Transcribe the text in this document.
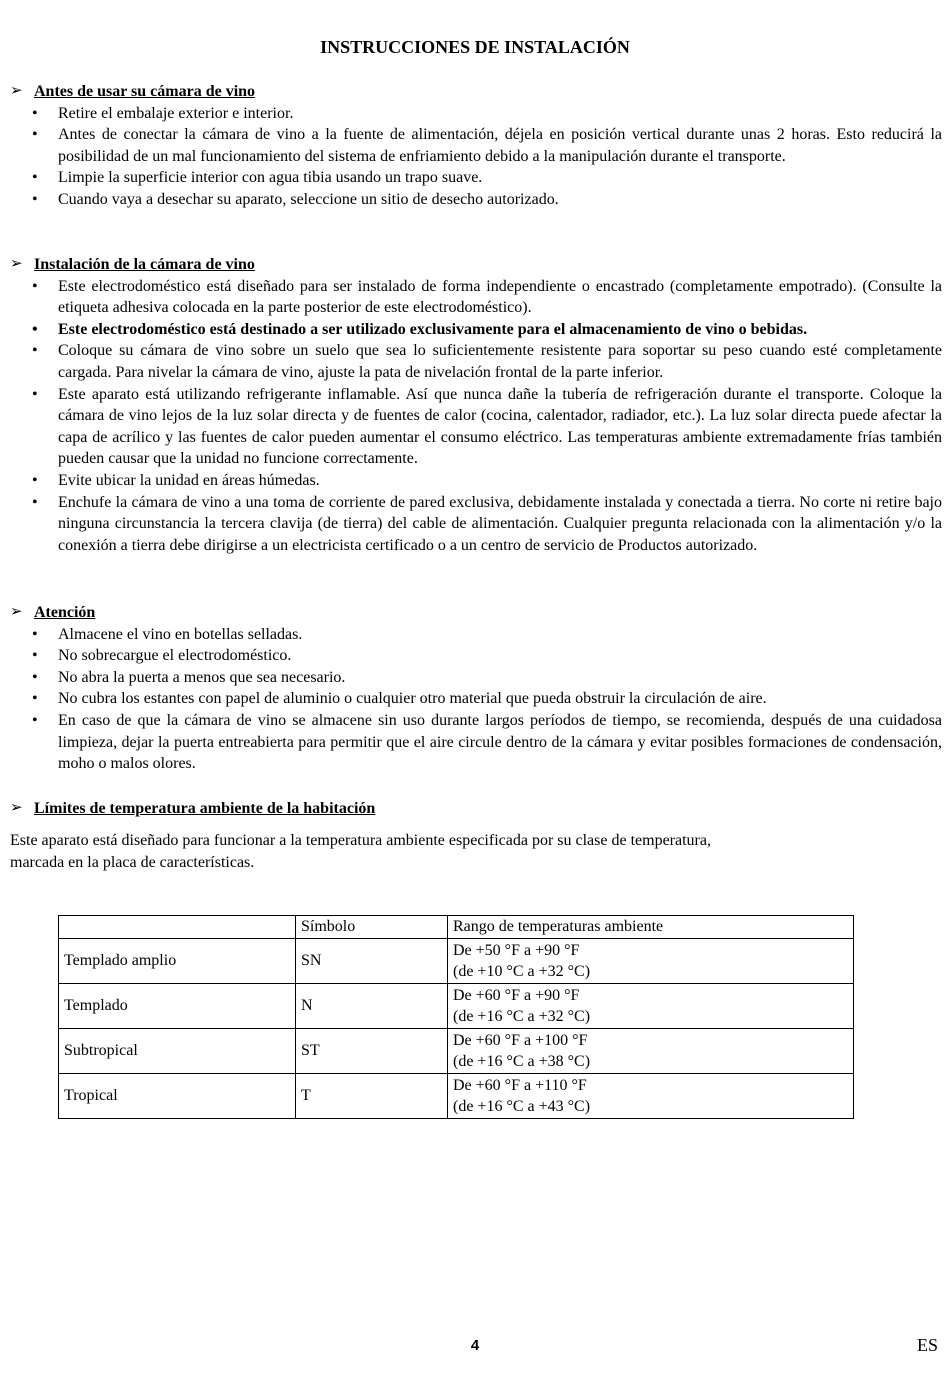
INSTRUCCIONES DE INSTALACIÓN
➢ Antes de usar su cámara de vino
• Retire el embalaje exterior e interior.
• Antes de conectar la cámara de vino a la fuente de alimentación, déjela en posición vertical durante unas 2 horas. Esto reducirá la posibilidad de un mal funcionamiento del sistema de enfriamiento debido a la manipulación durante el transporte.
• Limpie la superficie interior con agua tibia usando un trapo suave.
• Cuando vaya a desechar su aparato, seleccione un sitio de desecho autorizado.
➢ Instalación de la cámara de vino
• Este electrodoméstico está diseñado para ser instalado de forma independiente o encastrado (completamente empotrado). (Consulte la etiqueta adhesiva colocada en la parte posterior de este electrodoméstico).
• Este electrodoméstico está destinado a ser utilizado exclusivamente para el almacenamiento de vino o bebidas.
• Coloque su cámara de vino sobre un suelo que sea lo suficientemente resistente para soportar su peso cuando esté completamente cargada. Para nivelar la cámara de vino, ajuste la pata de nivelación frontal de la parte inferior.
• Este aparato está utilizando refrigerante inflamable. Así que nunca dañe la tubería de refrigeración durante el transporte. Coloque la cámara de vino lejos de la luz solar directa y de fuentes de calor (cocina, calentador, radiador, etc.). La luz solar directa puede afectar la capa de acrílico y las fuentes de calor pueden aumentar el consumo eléctrico. Las temperaturas ambiente extremadamente frías también pueden causar que la unidad no funcione correctamente.
• Evite ubicar la unidad en áreas húmedas.
• Enchufe la cámara de vino a una toma de corriente de pared exclusiva, debidamente instalada y conectada a tierra. No corte ni retire bajo ninguna circunstancia la tercera clavija (de tierra) del cable de alimentación. Cualquier pregunta relacionada con la alimentación y/o la conexión a tierra debe dirigirse a un electricista certificado o a un centro de servicio de Productos autorizado.
➢ Atención
• Almacene el vino en botellas selladas.
• No sobrecargue el electrodoméstico.
• No abra la puerta a menos que sea necesario.
• No cubra los estantes con papel de aluminio o cualquier otro material que pueda obstruir la circulación de aire.
• En caso de que la cámara de vino se almacene sin uso durante largos períodos de tiempo, se recomienda, después de una cuidadosa limpieza, dejar la puerta entreabierta para permitir que el aire circule dentro de la cámara y evitar posibles formaciones de condensación, moho o malos olores.
➢ Límites de temperatura ambiente de la habitación
Este aparato está diseñado para funcionar a la temperatura ambiente especificada por su clase de temperatura,
marcada en la placa de características.
	Símbolo	Rango de temperaturas ambiente
Templado amplio	SN	De +50 °F a +90 °F
(de +10 °C a +32 °C)

Templado	N	De +60 °F a +90 °F
(de +16 °C a +32 °C)

Subtropical	ST	De +60 °F a +100 °F
(de +16 °C a +38 °C)

Tropical	T	De +60 °F a +110 °F
(de +16 °C a +43 °C)
4	ES
